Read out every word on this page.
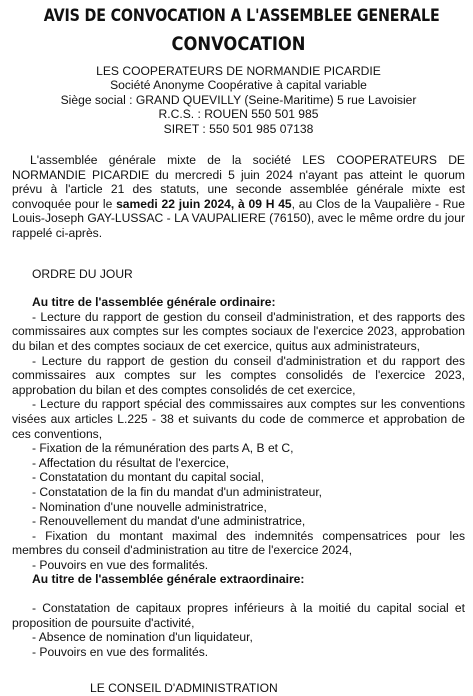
AVIS DE CONVOCATION A L'ASSEMBLEE GENERALE
CONVOCATION
LES COOPERATEURS DE NORMANDIE PICARDIE
Société Anonyme Coopérative à capital variable
Siège social : GRAND QUEVILLY (Seine-Maritime) 5 rue Lavoisier
R.C.S. : ROUEN 550 501 985
SIRET : 550 501 985 07138
L'assemblée générale mixte de la société LES COOPERATEURS DE NORMANDIE PICARDIE du mercredi 5 juin 2024 n'ayant pas atteint le quorum prévu à l'article 21 des statuts, une seconde assemblée générale mixte est convoquée pour le samedi 22 juin 2024, à 09 H 45, au Clos de la Vaupalière - Rue Louis-Joseph GAY-LUSSAC - LA VAUPALIERE (76150), avec le même ordre du jour rappelé ci-après.
ORDRE DU JOUR
Au titre de l'assemblée générale ordinaire:
- Lecture du rapport de gestion du conseil d'administration, et des rapports des commissaires aux comptes sur les comptes sociaux de l'exercice 2023, approbation du bilan et des comptes sociaux de cet exercice, quitus aux administrateurs,
- Lecture du rapport de gestion du conseil d'administration et du rapport des commissaires aux comptes sur les comptes consolidés de l'exercice 2023, approbation du bilan et des comptes consolidés de cet exercice,
- Lecture du rapport spécial des commissaires aux comptes sur les conventions visées aux articles L.225 - 38 et suivants du code de commerce et approbation de ces conventions,
- Fixation de la rémunération des parts A, B et C,
- Affectation du résultat de l'exercice,
- Constatation du montant du capital social,
- Constatation de la fin du mandat d'un administrateur,
- Nomination d'une nouvelle administratrice,
- Renouvellement du mandat d'une administratrice,
- Fixation du montant maximal des indemnités compensatrices pour les membres du conseil d'administration au titre de l'exercice 2024,
- Pouvoirs en vue des formalités.
Au titre de l'assemblée générale extraordinaire:
- Constatation de capitaux propres inférieurs à la moitié du capital social et proposition de poursuite d'activité,
- Absence de nomination d'un liquidateur,
- Pouvoirs en vue des formalités.
LE CONSEIL D'ADMINISTRATION
